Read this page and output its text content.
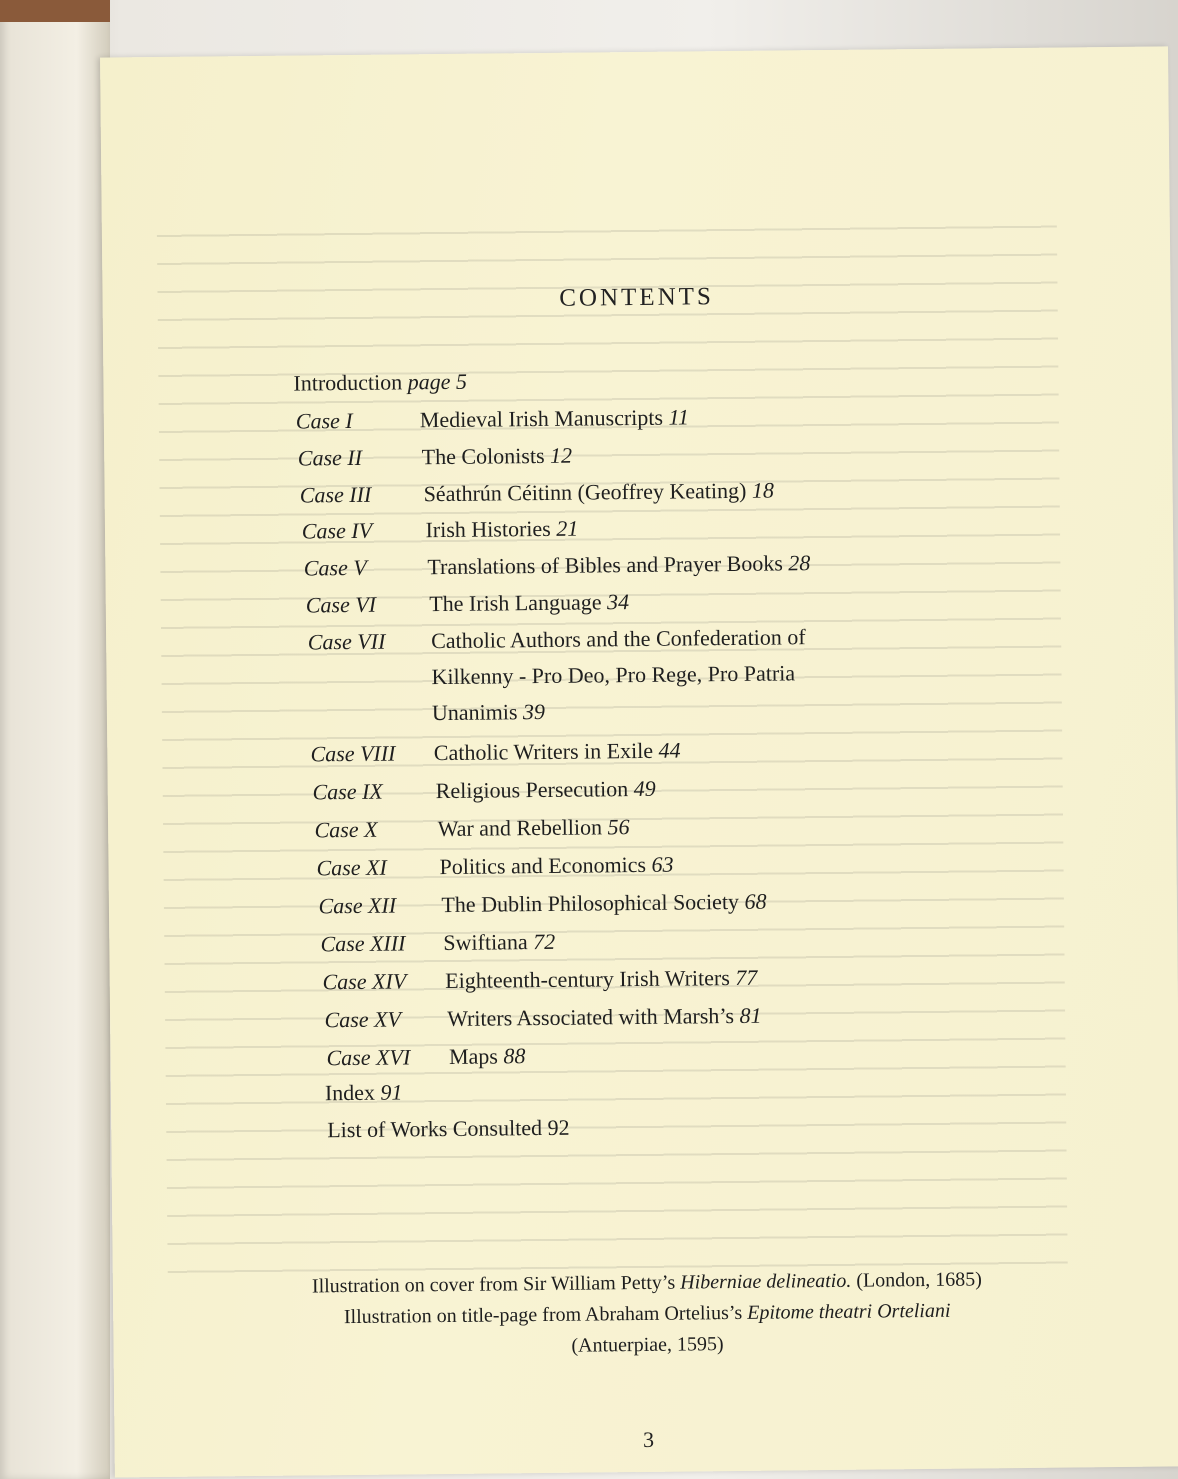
CONTENTS
Introduction page 5
Case I	Medieval Irish Manuscripts 11
Case II	The Colonists 12
Case III Séathrún Céitinn (Geoffrey Keating) 18
Case IV Irish Histories 21
Case V	Translations of Bibles and Prayer Books 28
Case VI The Irish Language 34
Case VII Catholic Authors and the Confederation of
Kilkenny - Pro Deo, Pro Rege, Pro Patria
Unanimis 39
Case VIII Catholic Writers in Exile 44
Case IX Religious Persecution 49
Case X	War and Rebellion 56
Case XI Politics and Economics 63
Case XII The Dublin Philosophical Society 68
Case XIII Swiftiana 72
Case XIV Eighteenth-century Irish Writers 77
Case XV Writers Associated with Marsh’s 81
Case XVI Maps 88
Index 91
List of Works Consulted 92
Illustration on cover from Sir William Petty’s Hiberniae delineatio. (London, 1685)
Illustration on title-page from Abraham Ortelius’s Epitome theatri Orteliani
(Antuerpiae, 1595)
3
